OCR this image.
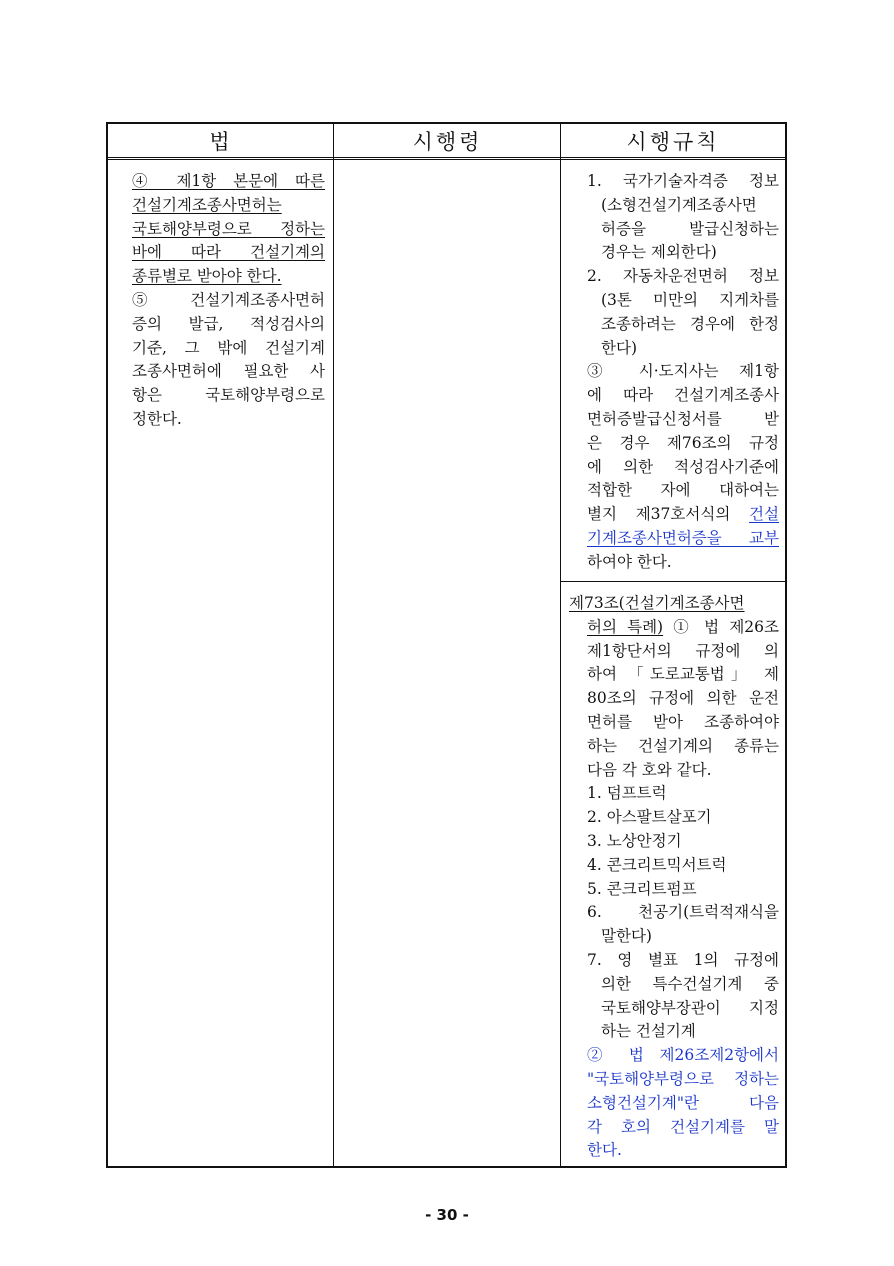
법	시행령	시행규칙
④ 제1항 본문에 따른
건설기계조종사면허는
국토해양부령으로 정하는
바에 따라 건설기계의
종류별로 받아야 한다.
⑤ 건설기계조종사면허
증의 발급, 적성검사의
기준, 그 밖에 건설기계
조종사면허에 필요한 사
항은 국토해양부령으로
정한다.
1. 국가기술자격증 정보
(소형건설기계조종사면
허증을 발급신청하는
경우는 제외한다)
2. 자동차운전면허 정보
(3톤 미만의 지게차를
조종하려는 경우에 한정
한다)
③ 시·도지사는 제1항
에 따라 건설기계조종사
면허증발급신청서를 받
은 경우 제76조의 규정
에 의한 적성검사기준에
적합한 자에 대하여는
별지 제37호서식의 건설
기계조종사면허증을 교부
하여야 한다.
제73조(건설기계조종사면
허의 특례) ① 법 제26조
제1항단서의 규정에 의
하여 「도로교통법」 제
80조의 규정에 의한 운전
면허를 받아 조종하여야
하는 건설기계의 종류는
다음 각 호와 같다.
1. 덤프트럭
2. 아스팔트살포기
3. 노상안정기
4. 콘크리트믹서트럭
5. 콘크리트펌프
6. 천공기(트럭적재식을
말한다)
7. 영 별표 1의 규정에
의한 특수건설기계 중
국토해양부장관이 지정
하는 건설기계
② 법 제26조제2항에서
"국토해양부령으로 정하는
소형건설기계"란 다음
각 호의 건설기계를 말
한다.
- 30 -
